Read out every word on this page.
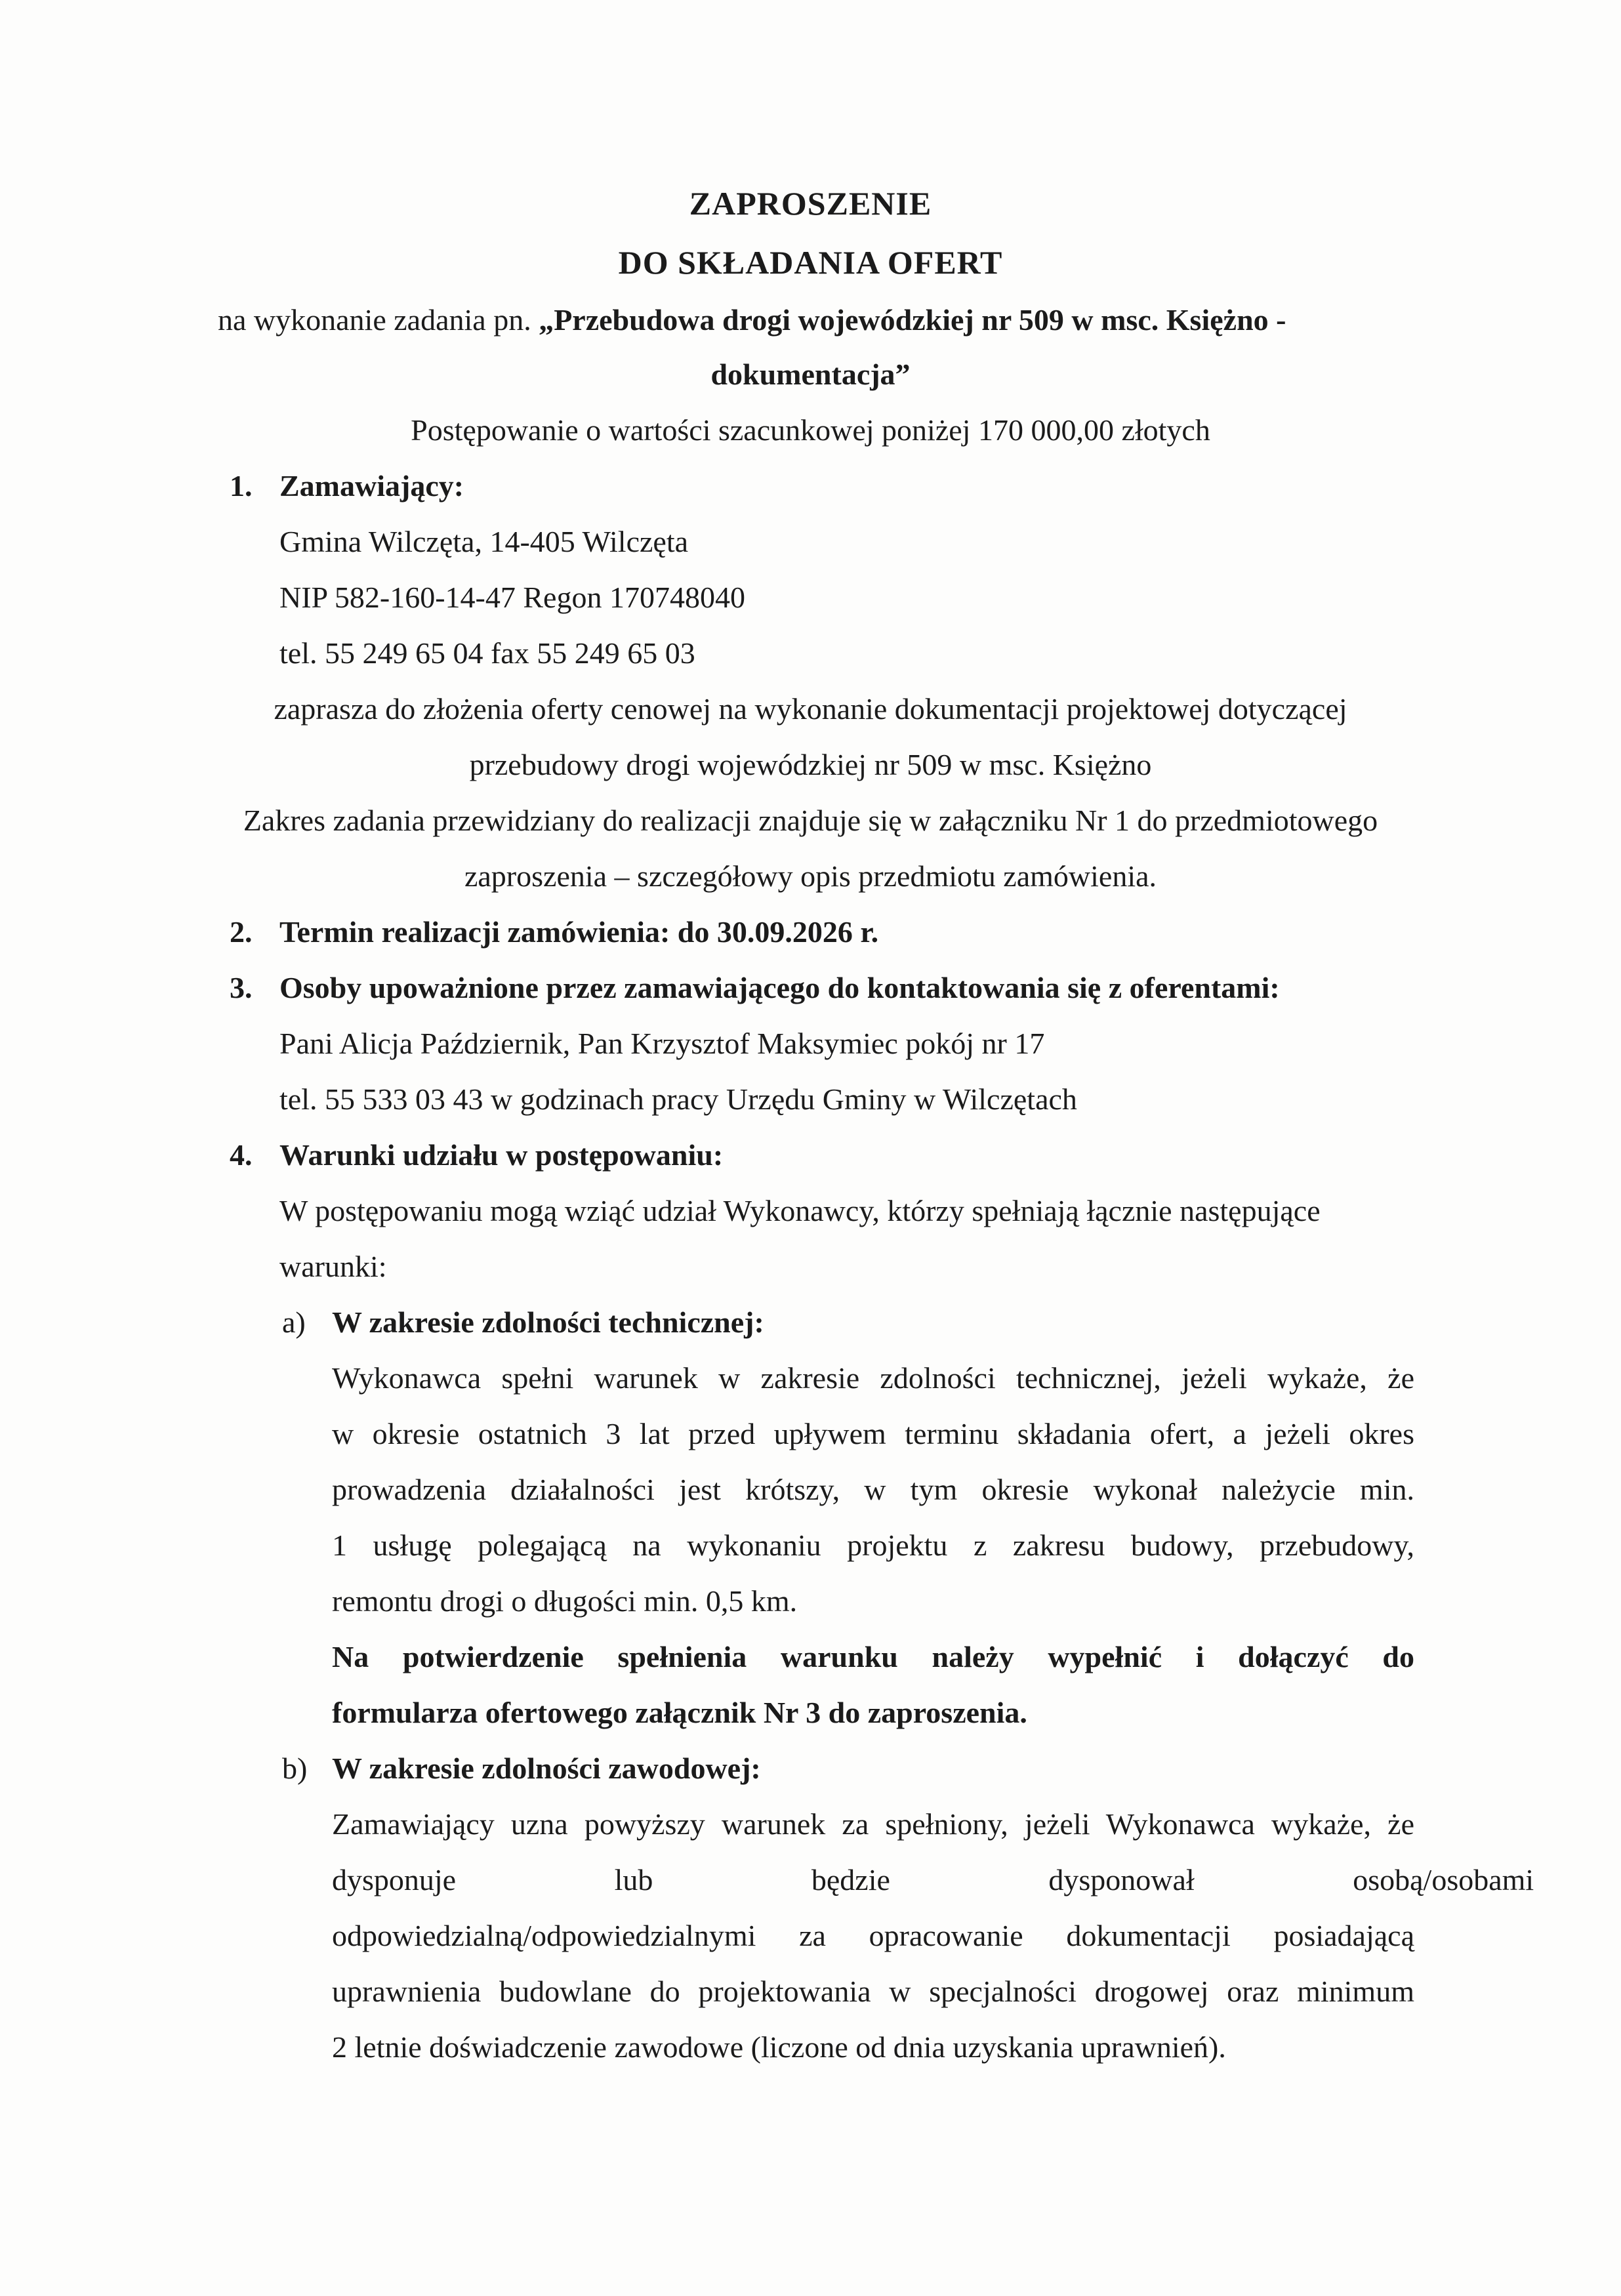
ZAPROSZENIE
DO SKŁADANIA OFERT
na wykonanie zadania pn. „Przebudowa drogi wojewódzkiej nr 509 w msc. Księżno -
dokumentacja”
Postępowanie o wartości szacunkowej poniżej 170 000,00 złotych
1. Zamawiający:
Gmina Wilczęta, 14-405 Wilczęta
NIP 582-160-14-47 Regon 170748040
tel. 55 249 65 04 fax 55 249 65 03
zaprasza do złożenia oferty cenowej na wykonanie dokumentacji projektowej dotyczącej
przebudowy drogi wojewódzkiej nr 509 w msc. Księżno
Zakres zadania przewidziany do realizacji znajduje się w załączniku Nr 1 do przedmiotowego
zaproszenia – szczegółowy opis przedmiotu zamówienia.
2. Termin realizacji zamówienia: do 30.09.2026 r.
3. Osoby upoważnione przez zamawiającego do kontaktowania się z oferentami:
Pani Alicja Październik, Pan Krzysztof Maksymiec pokój nr 17
tel. 55 533 03 43 w godzinach pracy Urzędu Gminy w Wilczętach
4. Warunki udziału w postępowaniu:
W postępowaniu mogą wziąć udział Wykonawcy, którzy spełniają łącznie następujące
warunki:
a) W zakresie zdolności technicznej:
Wykonawca spełni warunek w zakresie zdolności technicznej, jeżeli wykaże, że
w okresie ostatnich 3 lat przed upływem terminu składania ofert, a jeżeli okres
prowadzenia działalności jest krótszy, w tym okresie wykonał należycie min.
1 usługę polegającą na wykonaniu projektu z zakresu budowy, przebudowy,
remontu drogi o długości min. 0,5 km.
Na potwierdzenie spełnienia warunku należy wypełnić i dołączyć do
formularza ofertowego załącznik Nr 3 do zaproszenia.
b) W zakresie zdolności zawodowej:
Zamawiający uzna powyższy warunek za spełniony, jeżeli Wykonawca wykaże, że
dysponuje lub będzie dysponował osobą/osobami
odpowiedzialną/odpowiedzialnymi za opracowanie dokumentacji posiadającą
uprawnienia budowlane do projektowania w specjalności drogowej oraz minimum
2 letnie doświadczenie zawodowe (liczone od dnia uzyskania uprawnień).
